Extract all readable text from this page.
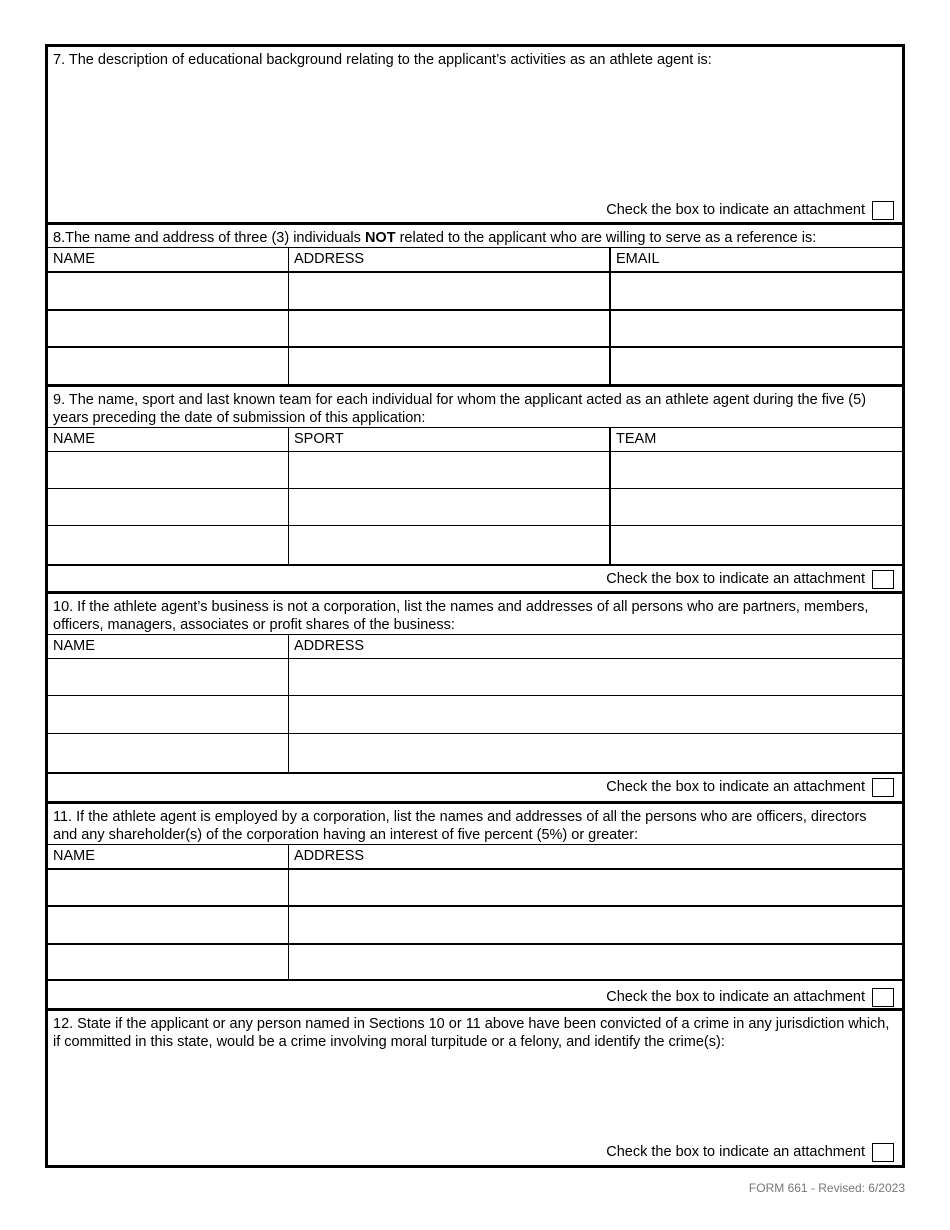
7. The description of educational background relating to the applicant’s activities as an athlete agent is:
Check the box to indicate an attachment
8.The name and address of three (3) individuals NOT related to the applicant who are willing to serve as a reference is:
NAME	ADDRESS	EMAIL
9. The name, sport and last known team for each individual for whom the applicant acted as an athlete agent during the five (5) years preceding the date of submission of this application:
NAME	SPORT	TEAM
Check the box to indicate an attachment
10. If the athlete agent’s business is not a corporation, list the names and addresses of all persons who are partners, members, officers, managers, associates or profit shares of the business:
NAME	ADDRESS
Check the box to indicate an attachment
11. If the athlete agent is employed by a corporation, list the names and addresses of all the persons who are officers, directors and any shareholder(s) of the corporation having an interest of five percent (5%) or greater:
NAME	ADDRESS
Check the box to indicate an attachment
12. State if the applicant or any person named in Sections 10 or 11 above have been convicted of a crime in any jurisdiction which, if committed in this state, would be a crime involving moral turpitude or a felony, and identify the crime(s):
Check the box to indicate an attachment
FORM 661 - Revised: 6/2023
